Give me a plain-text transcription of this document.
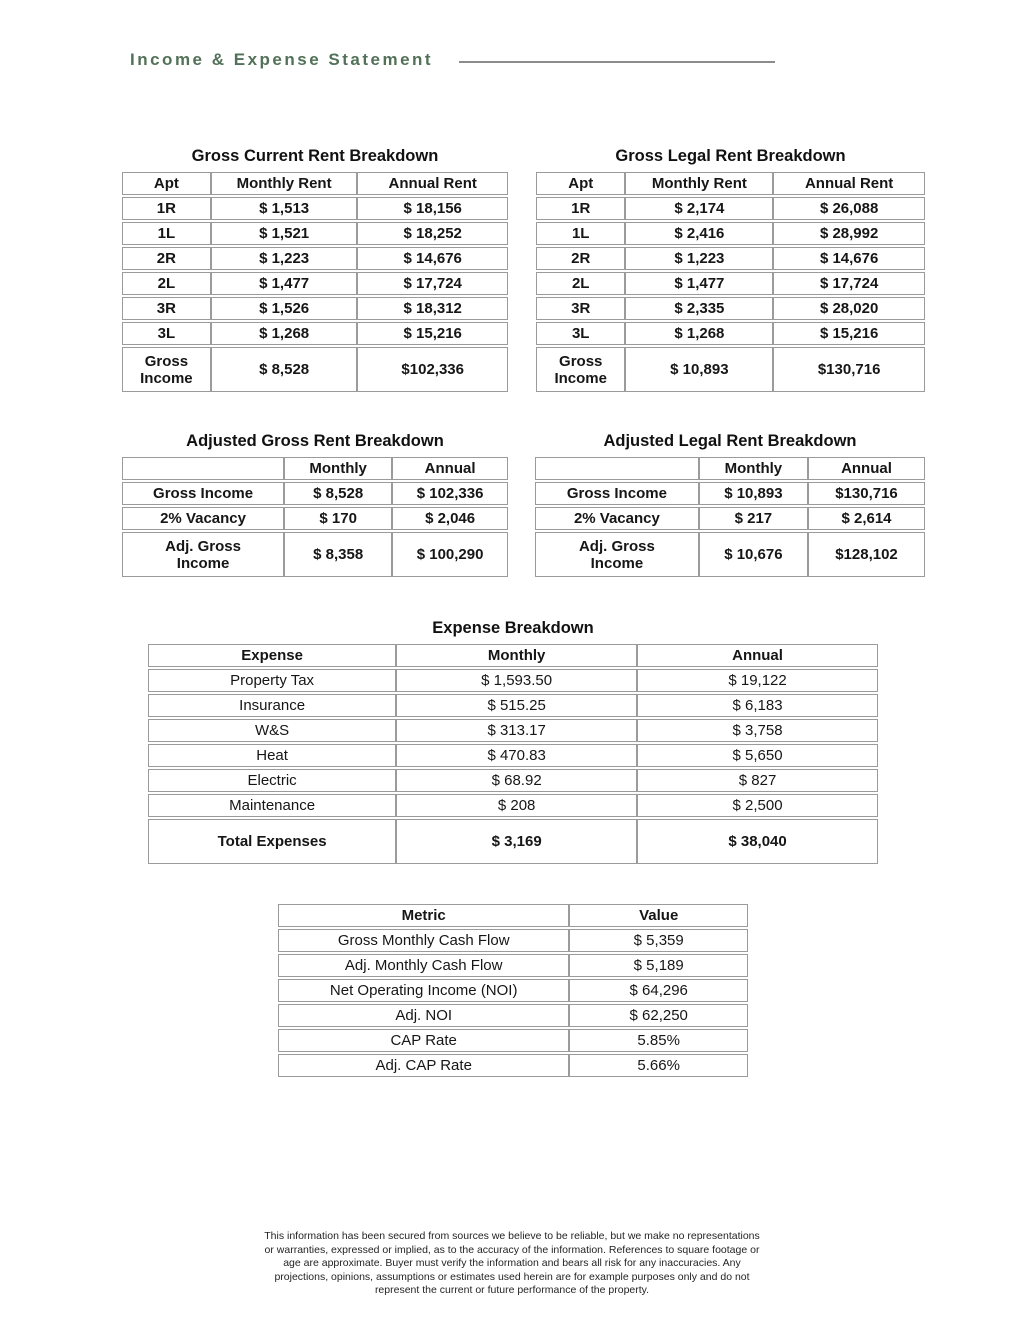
Income & Expense Statement
Gross Current Rent Breakdown
Apt	Monthly Rent	Annual Rent
1R	$ 1,513	$ 18,156
1L	$ 1,521	$ 18,252
2R	$ 1,223	$ 14,676
2L	$ 1,477	$ 17,724
3R	$ 1,526	$ 18,312
3L	$ 1,268	$ 15,216
Gross Income	$ 8,528	$102,336
Gross Legal Rent Breakdown
Apt	Monthly Rent	Annual Rent
1R	$ 2,174	$ 26,088
1L	$ 2,416	$ 28,992
2R	$ 1,223	$ 14,676
2L	$ 1,477	$ 17,724
3R	$ 2,335	$ 28,020
3L	$ 1,268	$ 15,216
Gross Income	$ 10,893	$130,716
Adjusted Gross Rent Breakdown
	Monthly	Annual
Gross Income	$ 8,528	$ 102,336
2% Vacancy	$ 170	$ 2,046
Adj. Gross Income	$ 8,358	$ 100,290
Adjusted Legal Rent Breakdown
	Monthly	Annual
Gross Income	$ 10,893	$130,716
2% Vacancy	$ 217	$ 2,614
Adj. Gross Income	$ 10,676	$128,102
Expense Breakdown
Expense	Monthly	Annual
Property Tax	$ 1,593.50	$ 19,122
Insurance	$ 515.25	$ 6,183
W&S	$ 313.17	$ 3,758
Heat	$ 470.83	$ 5,650
Electric	$ 68.92	$ 827
Maintenance	$ 208	$ 2,500
Total Expenses	$ 3,169	$ 38,040
Metric	Value
Gross Monthly Cash Flow	$ 5,359
Adj. Monthly Cash Flow	$ 5,189
Net Operating Income (NOI)	$ 64,296
Adj. NOI	$ 62,250
CAP Rate	5.85%
Adj. CAP Rate	5.66%

This information has been secured from sources we believe to be reliable, but we make no representations or warranties, expressed or implied, as to the accuracy of the information. References to square footage or age are approximate. Buyer must verify the information and bears all risk for any inaccuracies. Any projections, opinions, assumptions or estimates used herein are for example purposes only and do not represent the current or future performance of the property.
